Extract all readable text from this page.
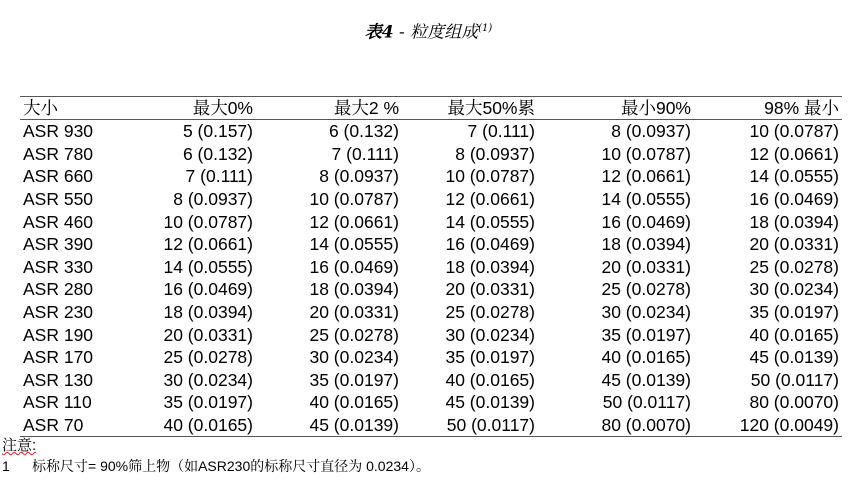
表4 - 粒度组成$^{(1)}$
大小	最大0%	最大2 %	最大50%累	最小90%	98% 最小
ASR 930	5 (0.157)	6 (0.132)	7 (0.111)	8 (0.0937)	10 (0.0787)
ASR 780	6 (0.132)	7 (0.111)	8 (0.0937)	10 (0.0787)	12 (0.0661)
ASR 660	7 (0.111)	8 (0.0937)	10 (0.0787)	12 (0.0661)	14 (0.0555)
ASR 550	8 (0.0937)	10 (0.0787)	12 (0.0661)	14 (0.0555)	16 (0.0469)
ASR 460	10 (0.0787)	12 (0.0661)	14 (0.0555)	16 (0.0469)	18 (0.0394)
ASR 390	12 (0.0661)	14 (0.0555)	16 (0.0469)	18 (0.0394)	20 (0.0331)
ASR 330	14 (0.0555)	16 (0.0469)	18 (0.0394)	20 (0.0331)	25 (0.0278)
ASR 280	16 (0.0469)	18 (0.0394)	20 (0.0331)	25 (0.0278)	30 (0.0234)
ASR 230	18 (0.0394)	20 (0.0331)	25 (0.0278)	30 (0.0234)	35 (0.0197)
ASR 190	20 (0.0331)	25 (0.0278)	30 (0.0234)	35 (0.0197)	40 (0.0165)
ASR 170	25 (0.0278)	30 (0.0234)	35 (0.0197)	40 (0.0165)	45 (0.0139)
ASR 130	30 (0.0234)	35 (0.0197)	40 (0.0165)	45 (0.0139)	50 (0.0117)
ASR 110	35 (0.0197)	40 (0.0165)	45 (0.0139)	50 (0.0117)	80 (0.0070)
ASR 70	40 (0.0165)	45 (0.0139)	50 (0.0117)	80 (0.0070)	120 (0.0049)
注意:
1 标称尺寸= 90%筛上物（如ASR230的标称尺寸直径为 0.0234）。
